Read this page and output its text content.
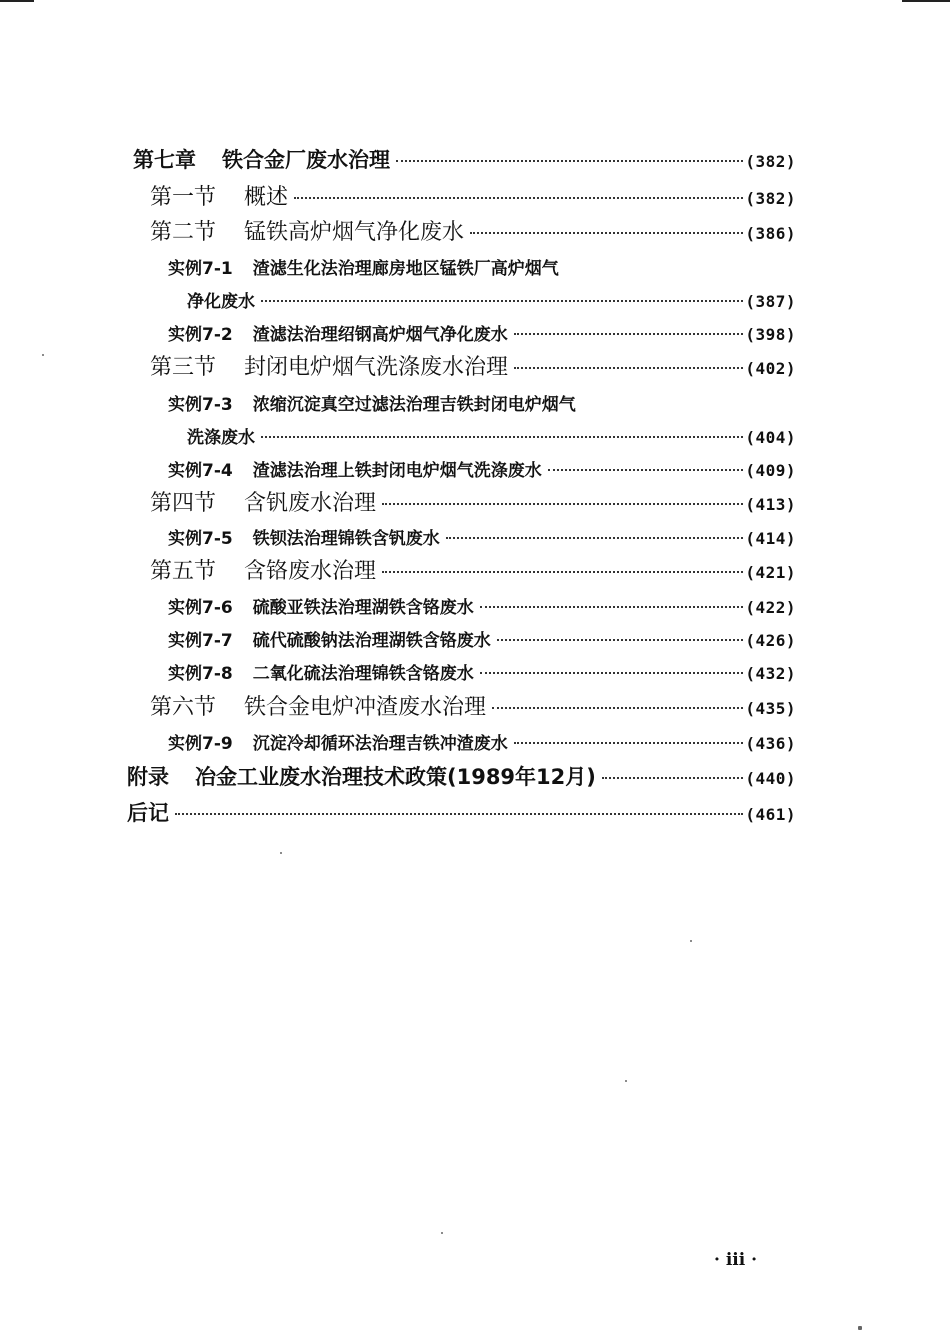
第七章 铁合金厂废水治理	(382)
第一节 概述	(382)
第二节 锰铁高炉烟气净化废水	(386)
实例7-1 渣滤生化法治理廊房地区锰铁厂高炉烟气
净化废水	(387)
实例7-2 渣滤法治理绍钢高炉烟气净化废水	(398)
第三节 封闭电炉烟气洗涤废水治理	(402)
实例7-3 浓缩沉淀真空过滤法治理吉铁封闭电炉烟气
洗涤废水	(404)
实例7-4 渣滤法治理上铁封闭电炉烟气洗涤废水	(409)
第四节 含钒废水治理	(413)
实例7-5 铁钡法治理锦铁含钒废水	(414)
第五节 含铬废水治理	(421)
实例7-6 硫酸亚铁法治理湖铁含铬废水	(422)
实例7-7 硫代硫酸钠法治理湖铁含铬废水	(426)
实例7-8 二氧化硫法治理锦铁含铬废水	(432)
第六节 铁合金电炉冲渣废水治理	(435)
实例7-9 沉淀冷却循环法治理吉铁冲渣废水	(436)
附录 冶金工业废水治理技术政策(1989年12月)	(440)
后记	(461)
· iii ·
